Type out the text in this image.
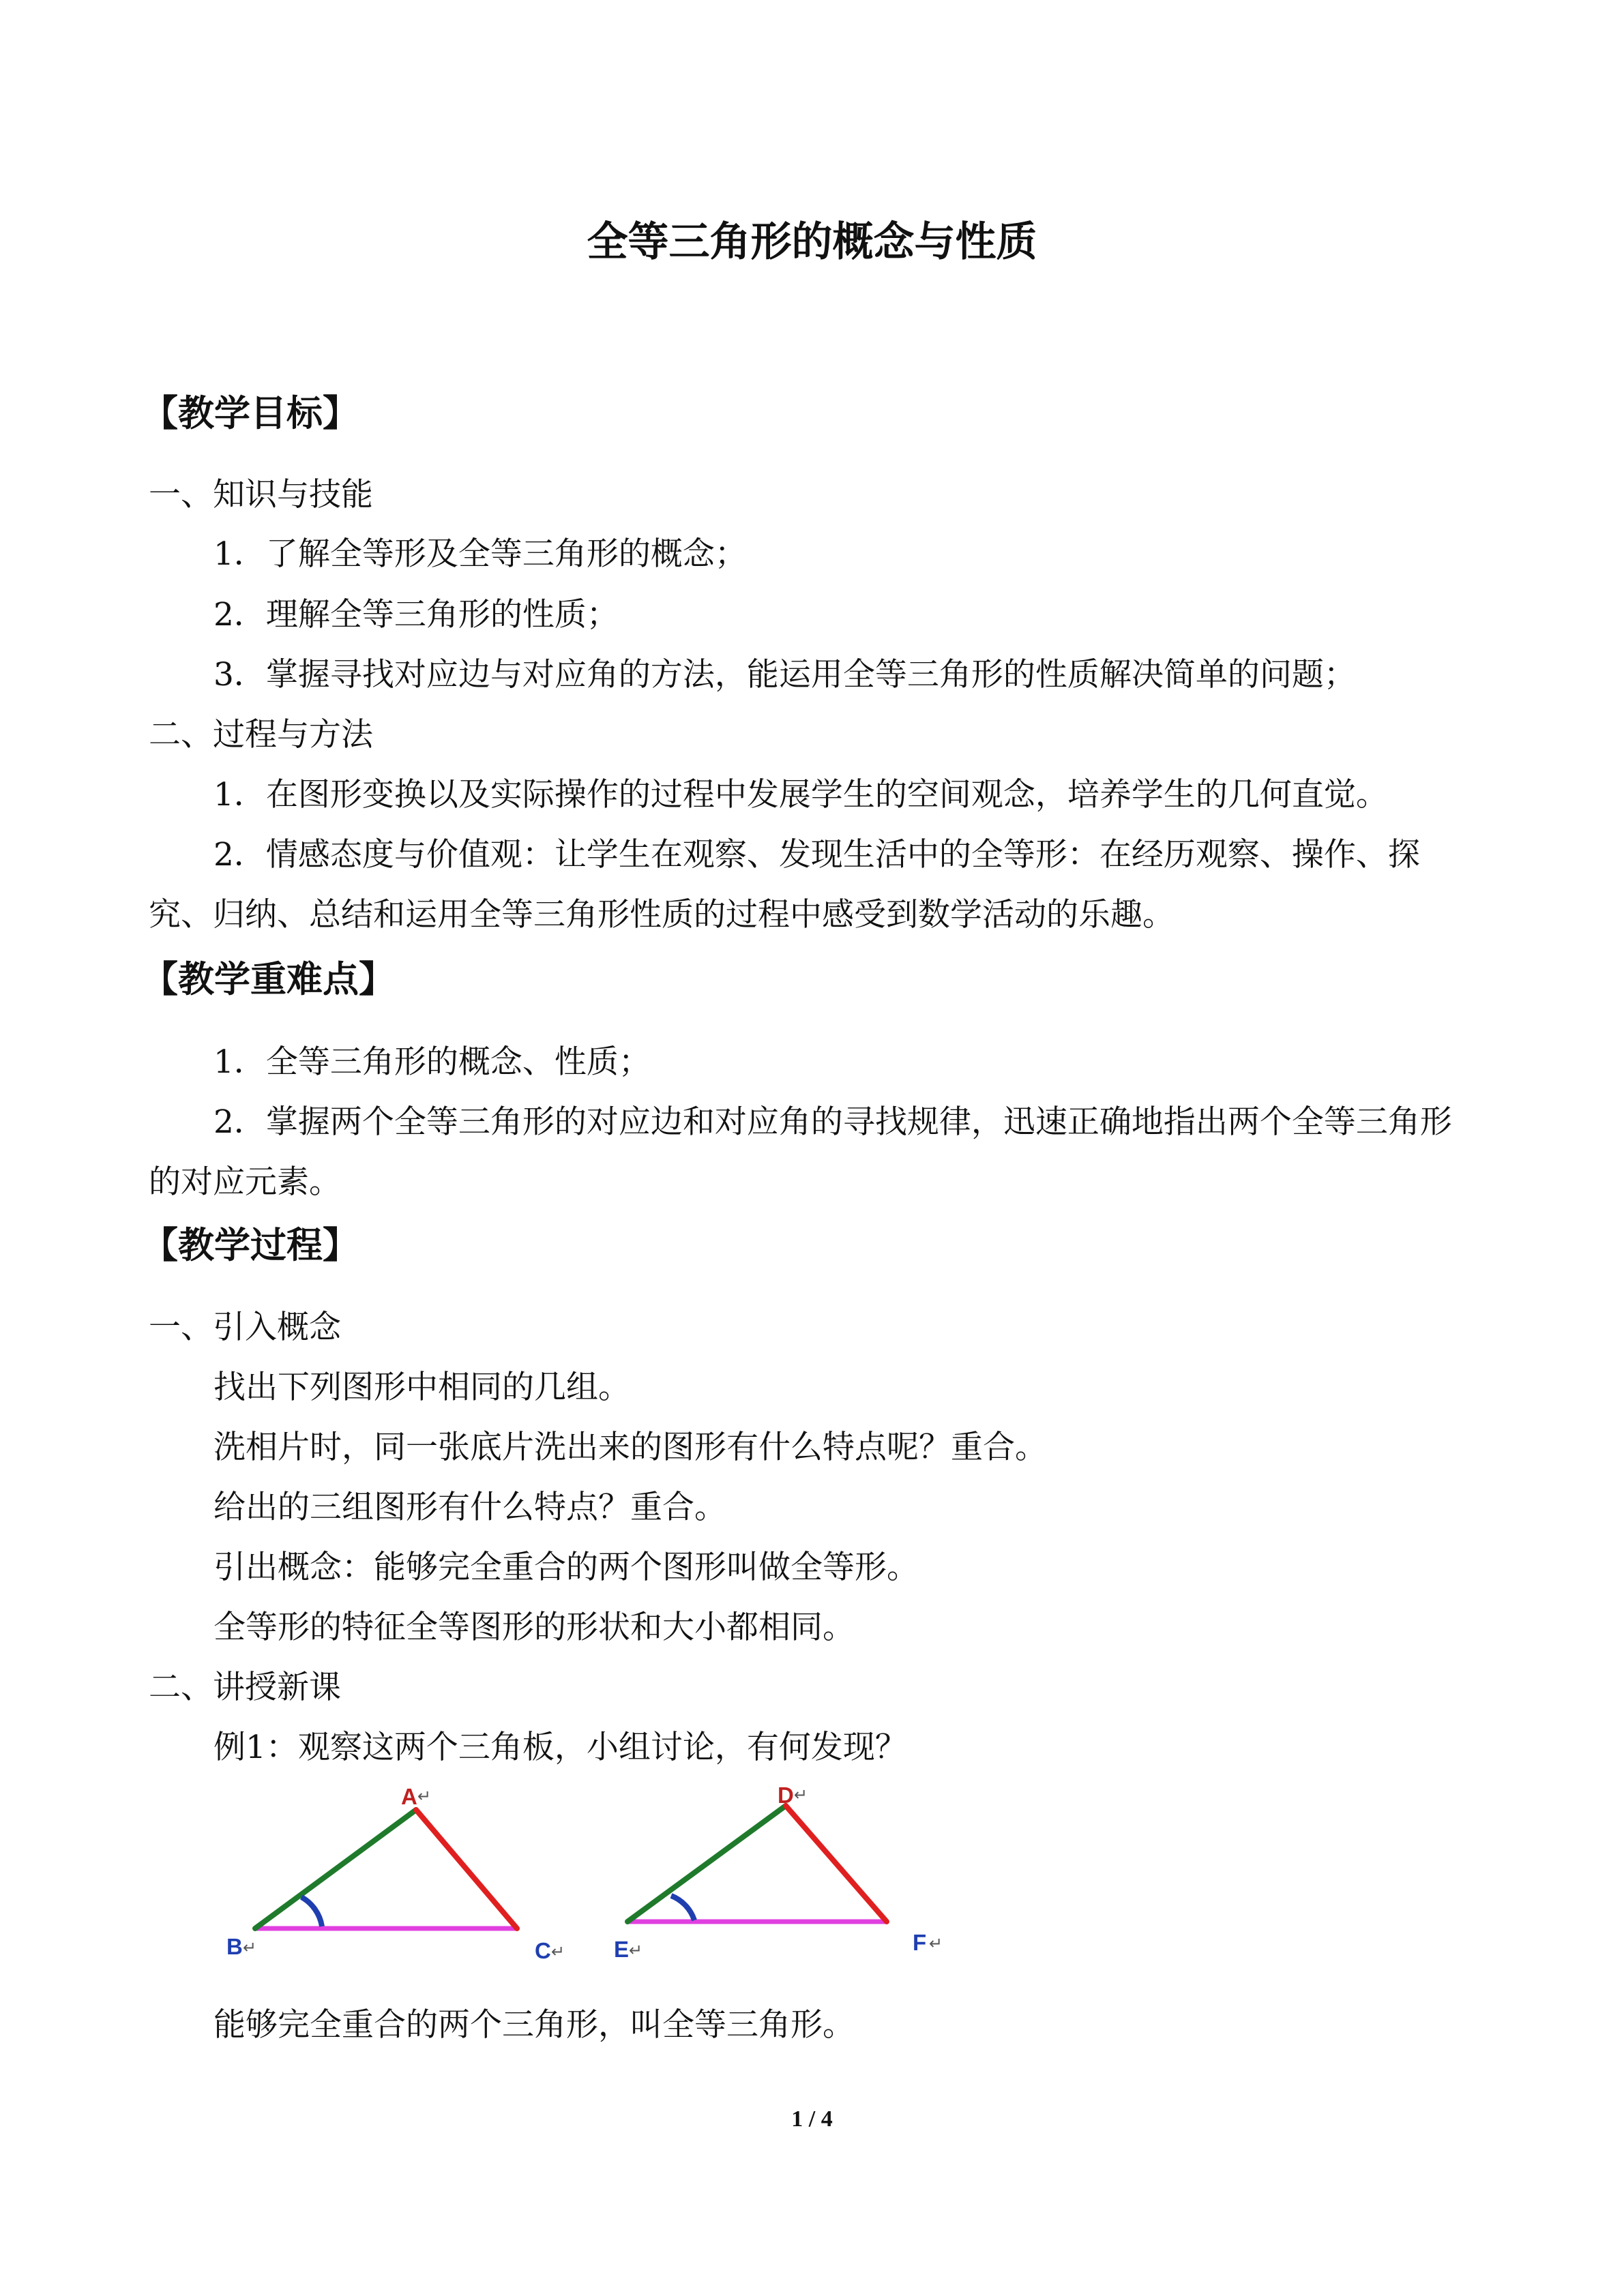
全等三角形的概念与性质
【教学目标】
一、知识与技能
1．了解全等形及全等三角形的概念；
2．理解全等三角形的性质；
3．掌握寻找对应边与对应角的方法，能运用全等三角形的性质解决简单的问题；
二、过程与方法
1．在图形变换以及实际操作的过程中发展学生的空间观念，培养学生的几何直觉。
2．情感态度与价值观：让学生在观察、发现生活中的全等形：在经历观察、操作、探
究、归纳、总结和运用全等三角形性质的过程中感受到数学活动的乐趣。
【教学重难点】
1．全等三角形的概念、性质；
2．掌握两个全等三角形的对应边和对应角的寻找规律，迅速正确地指出两个全等三角形
的对应元素。
【教学过程】
一、引入概念
找出下列图形中相同的几组。
洗相片时，同一张底片洗出来的图形有什么特点呢？重合。
给出的三组图形有什么特点？重合。
引出概念：能够完全重合的两个图形叫做全等形。
全等形的特征全等图形的形状和大小都相同。
二、讲授新课
例1：观察这两个三角板，小组讨论，有何发现？
A ↵
B ↵	C ↵
D ↵
E ↵	F ↵
能够完全重合的两个三角形，叫全等三角形。
1 / 4
